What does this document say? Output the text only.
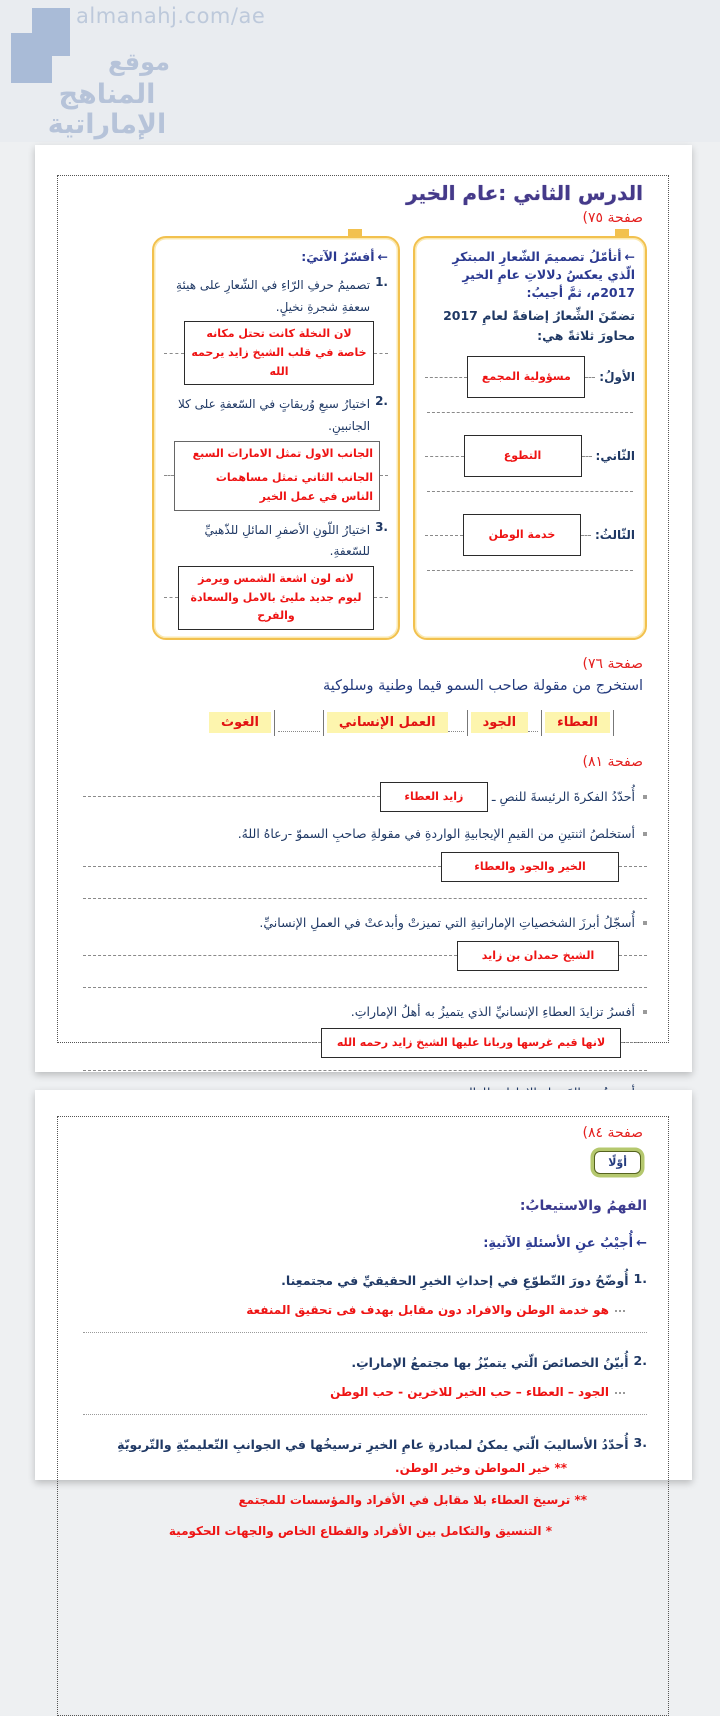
almanahj.com/ae
موقع
المناهج الإماراتية
الدرس الثاني :عام الخير
صفحة ٧٥)
←أتأمّلُ تصميمَ الشّعارِ المبتكرِ الّذي يعكسُ دلالاتِ عامِ الخيرِ 2017م، ثمَّ أجيبُ:
تضمّنَ الشِّعارُ إضافةً لعامِ 2017 محاورَ ثلاثةً هي:
الأولُ:
مسؤولية المجمع
الثّاني:
التطوع
الثّالثُ:
خدمة الوطن
←أفسّرُ الآتيَ:
1.
تصميمُ حرفِ الرّاءِ في الشّعارِ على هيئةِ سعفةِ شجرةِ نخيلٍ.
لان النخلة كانت تحتل مكانه خاصة في قلب الشيخ زايد يرحمه الله
2.
اختيارُ سبعِ وُريقاتٍ في السّعفةِ على كلا الجانبينِ.
الجانب الاول تمثل الامارات السبع
الجانب الثاني تمثل مساهمات الناس في عمل الخير
3.
اختيارُ اللّونِ الأصفرِ المائلِ للذّهبيِّ للسّعفةِ.
لانه لون اشعة الشمس ويرمز ليوم جديد مليئ بالامل والسعادة والفرح
صفحة ٧٦)
استخرج من مقولة صاحب السمو قيما وطنية وسلوكية
العطاء
الجود
العمل الإنساني
الغوث
صفحة ٨١)
أُحدّدُ الفكرةَ الرئيسةَ للنصِ ـ
زايد العطاء
أستخلصُ اثنتينِ من القيمِ الإيجابيةِ الواردةِ في مقولةِ صاحبِ السموّ -رعاهُ اللهُ.
الخير والجود والعطاء
أُسجّلُ أبرزَ الشخصياتِ الإماراتيةِ التي تميزتْ وأبدعتْ في العملِ الإنسانيِّ.
الشيخ حمدان بن زايد
أفسرُ تزايدَ العطاءِ الإنسانيِّ الذي يتميزُ به أهلُ الإماراتِ.
لانها قيم غرسها وربانا عليها الشيخ زايد رحمه الله
صفحة ٨٤)
أوّلًا
الفهمُ والاستيعابُ:
←أُجيْبُ عنِ الأسئلةِ الآتيةِ:
1.
أُوضّحُ دورَ التّطوّعِ في إحداثِ الخيرِ الحقيقيِّ في مجتمعِنا.
هو خدمة الوطن والافراد دون مقابل بهدف فى تحقيق المنفعة
2.
أُبيّنُ الخصائصَ الّتي يتميّزُ بها مجتمعُ الإماراتِ.
الجود – العطاء – حب الخير للاخرين - حب الوطن
3.
أُحدّدُ الأساليبَ الّتي يمكنُ لمبادرةِ عامِ الخيرِ ترسيخُها في الجوانبِ التّعليميّةِ والتّربويّةِ
** خير المواطن وخير الوطن.
** ترسيخ العطاء بلا مقابل في الأفراد والمؤسسات للمجتمع
* التنسيق والتكامل بين الأفراد والقطاع الخاص والجهات الحكومية
